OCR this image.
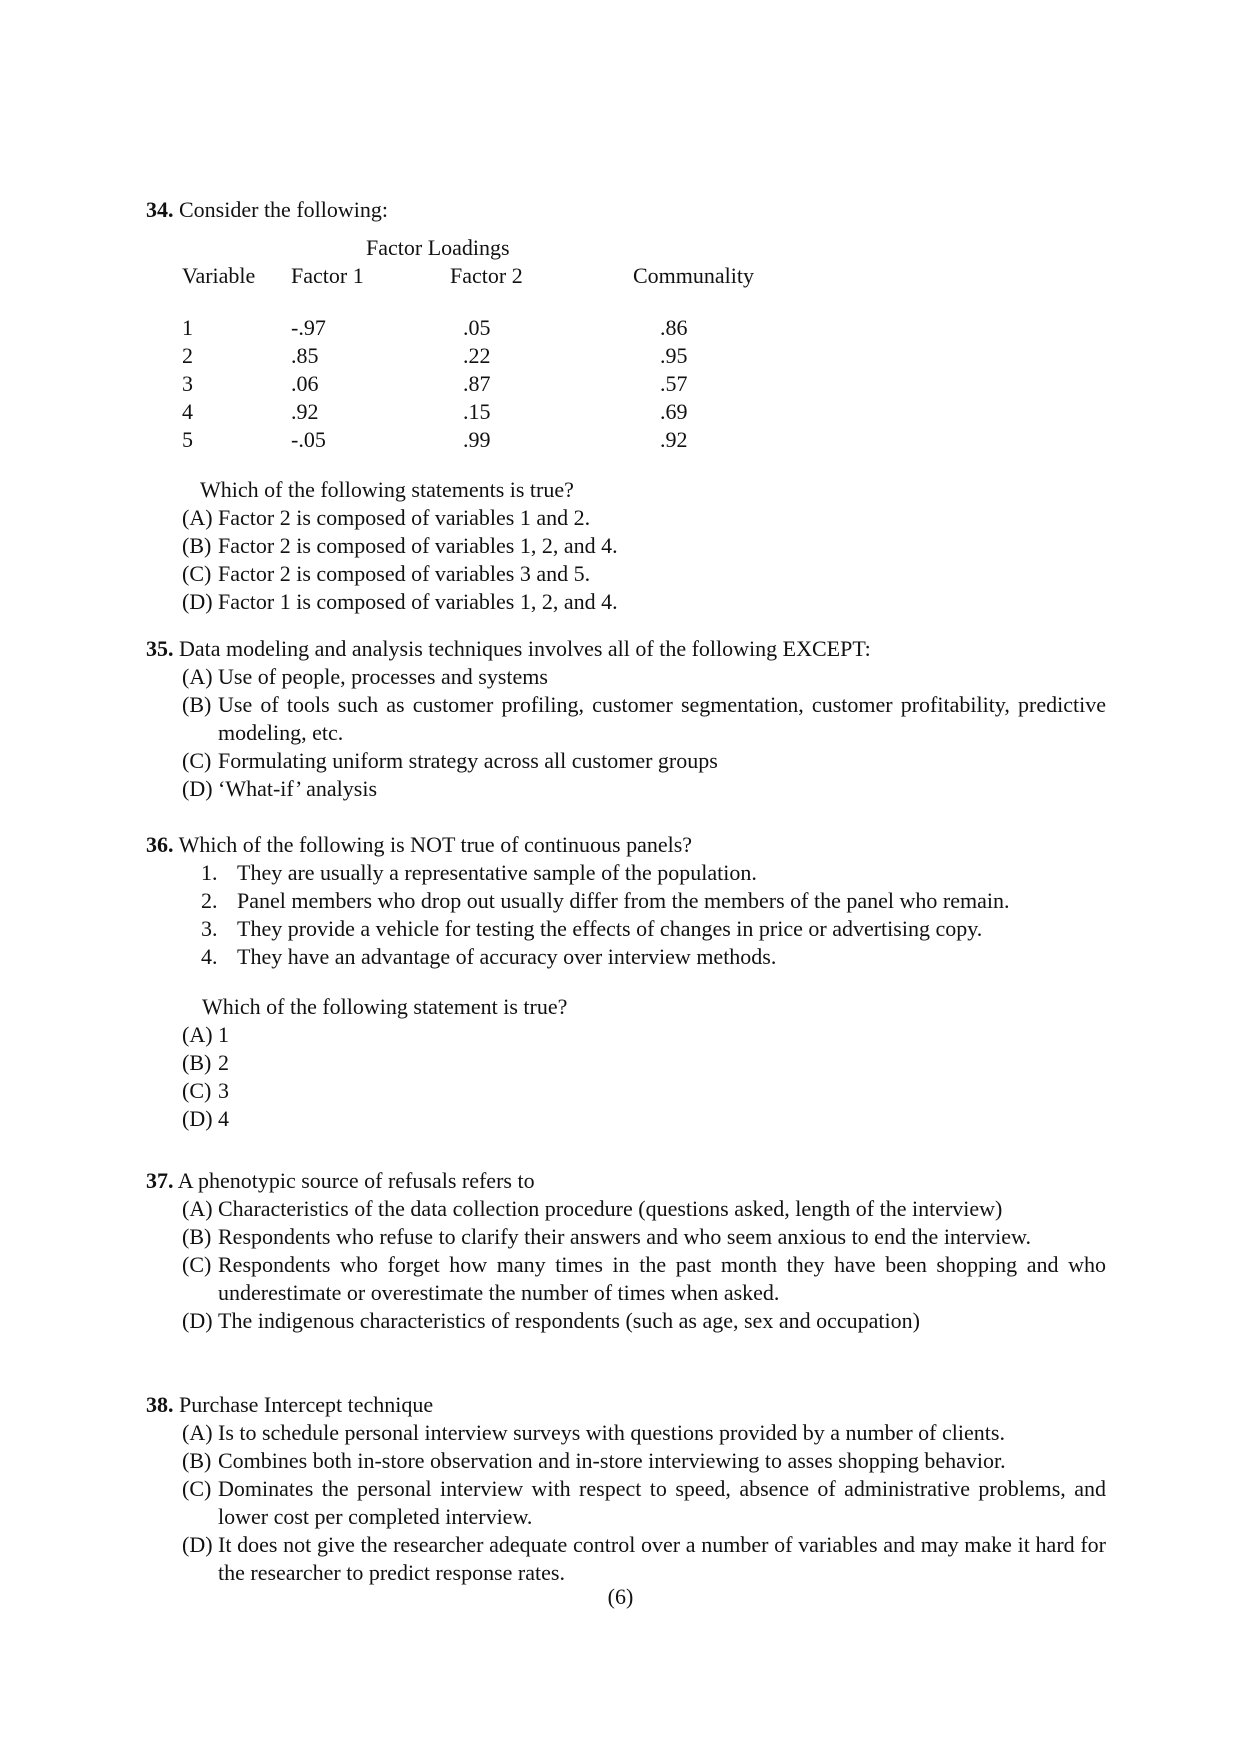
34. Consider the following:
Factor Loadings
Variable Factor 1	Factor 2	Communality
1	-.97	.05	.86
2	.85	.22	.95
3	.06	.87	.57
4	.92	.15	.69
5	-.05	.99	.92
Which of the following statements is true?
(A) Factor 2 is composed of variables 1 and 2.
(B) Factor 2 is composed of variables 1, 2, and 4.
(C) Factor 2 is composed of variables 3 and 5.
(D) Factor 1 is composed of variables 1, 2, and 4.
35. Data modeling and analysis techniques involves all of the following EXCEPT:
(A) Use of people, processes and systems
(B) Use of tools such as customer profiling, customer segmentation, customer profitability, predictive modeling, etc.
(C) Formulating uniform strategy across all customer groups
(D) ‘What-if’ analysis
36. Which of the following is NOT true of continuous panels?
1. They are usually a representative sample of the population.
2. Panel members who drop out usually differ from the members of the panel who remain.
3. They provide a vehicle for testing the effects of changes in price or advertising copy.
4. They have an advantage of accuracy over interview methods.
Which of the following statement is true?
(A) 1
(B) 2
(C) 3
(D) 4
37. A phenotypic source of refusals refers to
(A) Characteristics of the data collection procedure (questions asked, length of the interview)
(B) Respondents who refuse to clarify their answers and who seem anxious to end the interview.
(C) Respondents who forget how many times in the past month they have been shopping and who underestimate or overestimate the number of times when asked.
(D) The indigenous characteristics of respondents (such as age, sex and occupation)
38. Purchase Intercept technique
(A) Is to schedule personal interview surveys with questions provided by a number of clients.
(B) Combines both in-store observation and in-store interviewing to asses shopping behavior.
(C) Dominates the personal interview with respect to speed, absence of administrative problems, and lower cost per completed interview.
(D) It does not give the researcher adequate control over a number of variables and may make it hard for the researcher to predict response rates.
(6)
